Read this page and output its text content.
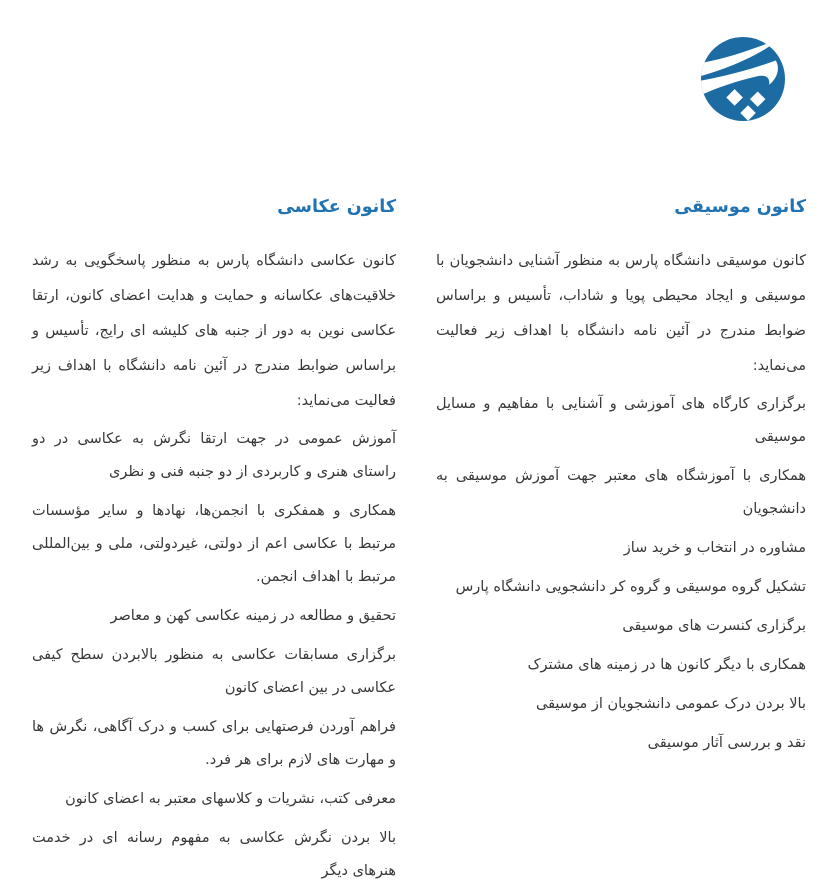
کانون موسیقی

کانون موسیقی دانشگاه پارس به منظور آشنایی دانشجویان با موسیقی و ایجاد محیطی پویا و شاداب، تأسیس و براساس ضوابط مندرج در آئین نامه دانشگاه با اهداف زیر فعالیت می‌نماید:

برگزاری کارگاه های آموزشی و آشنایی با مفاهیم و مسایل موسیقی
همکاری با آموزشگاه های معتبر جهت آموزش موسیقی به دانشجویان
مشاوره در انتخاب و خرید ساز
تشکیل گروه موسیقی و گروه کر دانشجویی دانشگاه پارس
برگزاری کنسرت های موسیقی
همکاری با دیگر کانون ها در زمینه های مشترک
بالا بردن درک عمومی دانشجویان از موسیقی
نقد و بررسی آثار موسیقی
کانون عکاسی

کانون عکاسی دانشگاه پارس به منظور پاسخگویی به رشد خلاقیت‌های عکاسانه و حمایت و هدایت اعضای کانون، ارتقا عکاسی نوین به دور از جنبه های کلیشه ای رایج، تأسیس و براساس ضوابط مندرج در آئین نامه دانشگاه با اهداف زیر فعالیت می‌نماید:

آموزش عمومی در جهت ارتقا نگرش به عکاسی در دو راستای هنری و کاربردی از دو جنبه فنی و نظری
همکاری و همفکری با انجمن‌ها، نهادها و سایر مؤسسات مرتبط با عکاسی اعم از دولتی، غیردولتی، ملی و بین‌المللی مرتبط با اهداف انجمن.
تحقیق و مطالعه در زمینه عکاسی کهن و معاصر
برگزاری مسابقات عکاسی به منظور بالابردن سطح کیفی عکاسی در بین اعضای کانون
فراهم آوردن فرصتهایی برای کسب و درک آگاهی، نگرش ها و مهارت های لازم برای هر فرد.
معرفی کتب، نشریات و کلاسهای معتبر به اعضای کانون
بالا بردن نگرش عکاسی به مفهوم رسانه ای در خدمت هنرهای دیگر
